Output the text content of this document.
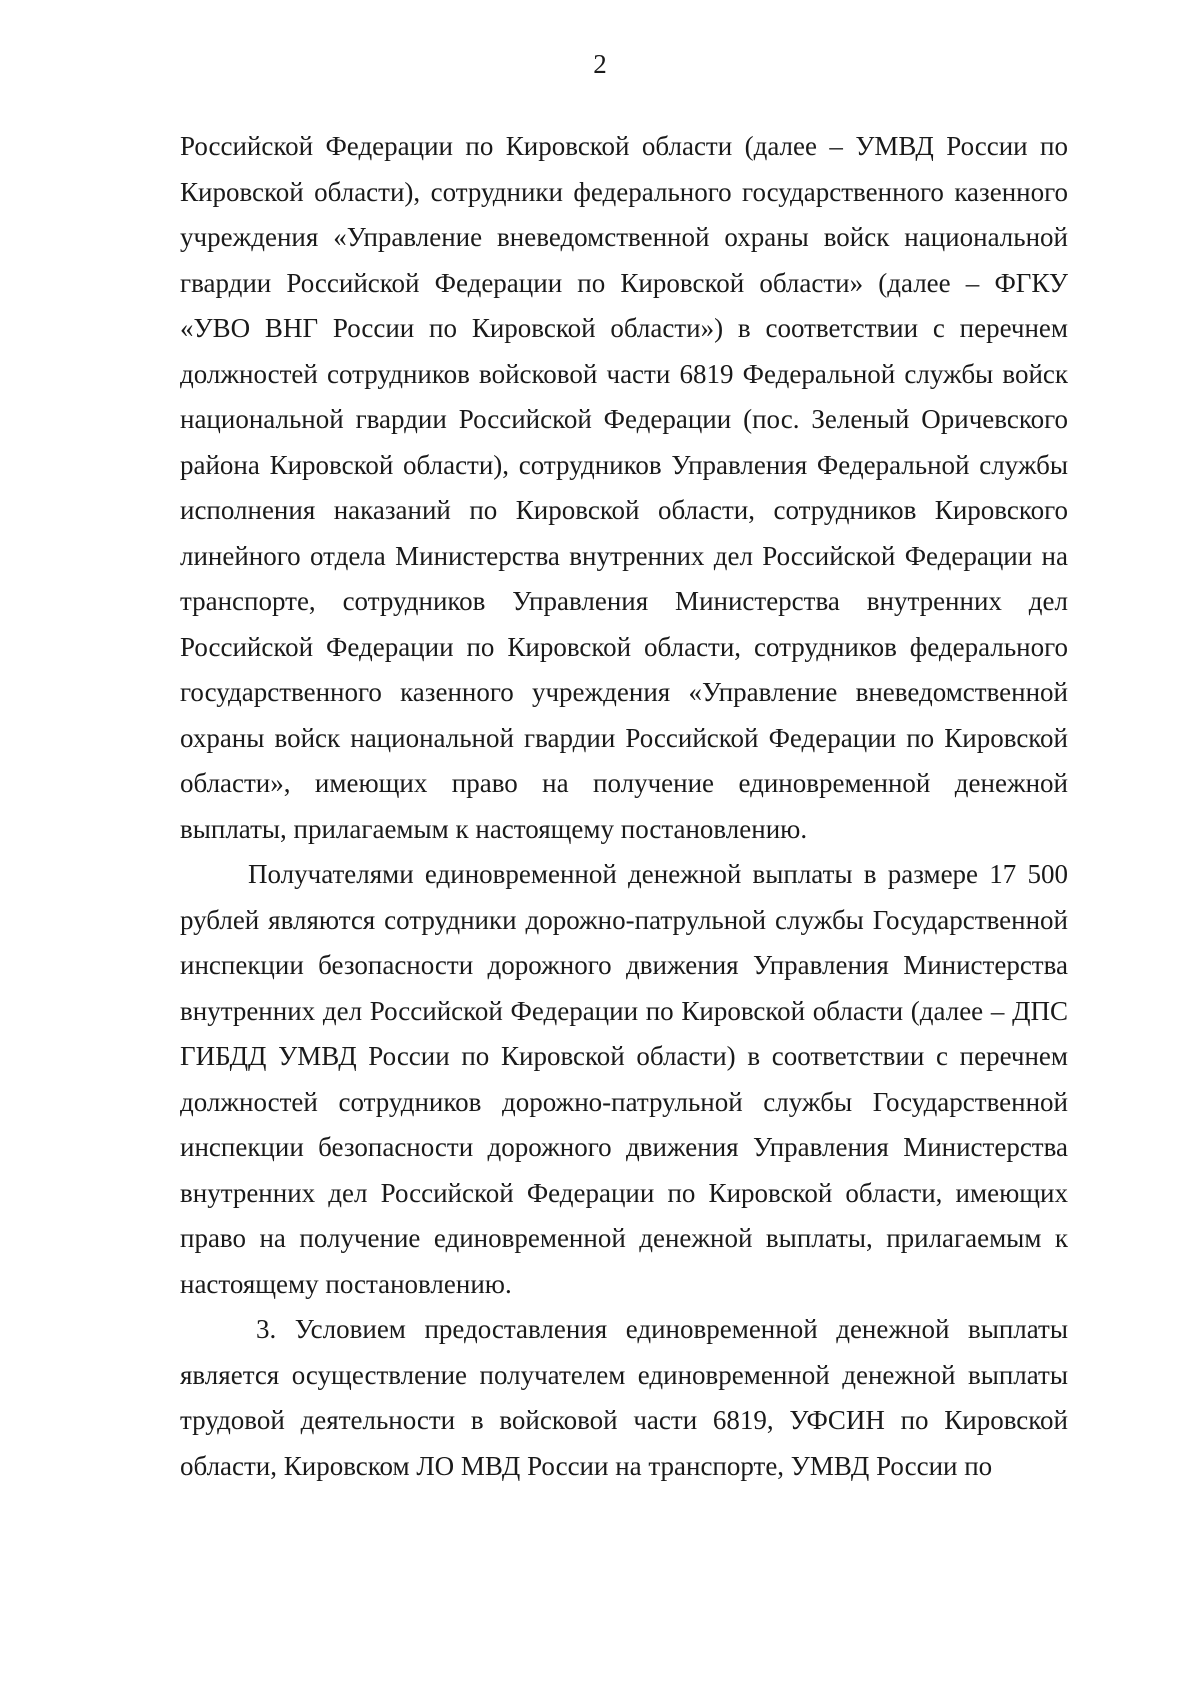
2

Российской Федерации по Кировской области (далее – УМВД России по Кировской области), сотрудники федерального государственного казенного учреждения «Управление вневедомственной охраны войск национальной гвардии Российской Федерации по Кировской области» (далее – ФГКУ «УВО ВНГ России по Кировской области») в соответствии с перечнем должностей сотрудников войсковой части 6819 Федеральной службы войск национальной гвардии Российской Федерации (пос. Зеленый Оричевского района Кировской области), сотрудников Управления Федеральной службы исполнения наказаний по Кировской области, сотрудников Кировского линейного отдела Министерства внутренних дел Российской Федерации на транспорте, сотрудников Управления Министерства внутренних дел Российской Федерации по Кировской области, сотрудников федерального государственного казенного учреждения «Управление вневедомственной охраны войск национальной гвардии Российской Федерации по Кировской области», имеющих право на получение единовременной денежной выплаты, прилагаемым к настоящему постановлению.

Получателями единовременной денежной выплаты в размере 17 500 рублей являются сотрудники дорожно-патрульной службы Государственной инспекции безопасности дорожного движения Управления Министерства внутренних дел Российской Федерации по Кировской области (далее – ДПС ГИБДД УМВД России по Кировской области) в соответствии с перечнем должностей сотрудников дорожно-патрульной службы Государственной инспекции безопасности дорожного движения Управления Министерства внутренних дел Российской Федерации по Кировской области, имеющих право на получение единовременной денежной выплаты, прилагаемым к настоящему постановлению.

3. Условием предоставления единовременной денежной выплаты является осуществление получателем единовременной денежной выплаты трудовой деятельности в войсковой части 6819, УФСИН по Кировской области, Кировском ЛО МВД России на транспорте, УМВД России по
